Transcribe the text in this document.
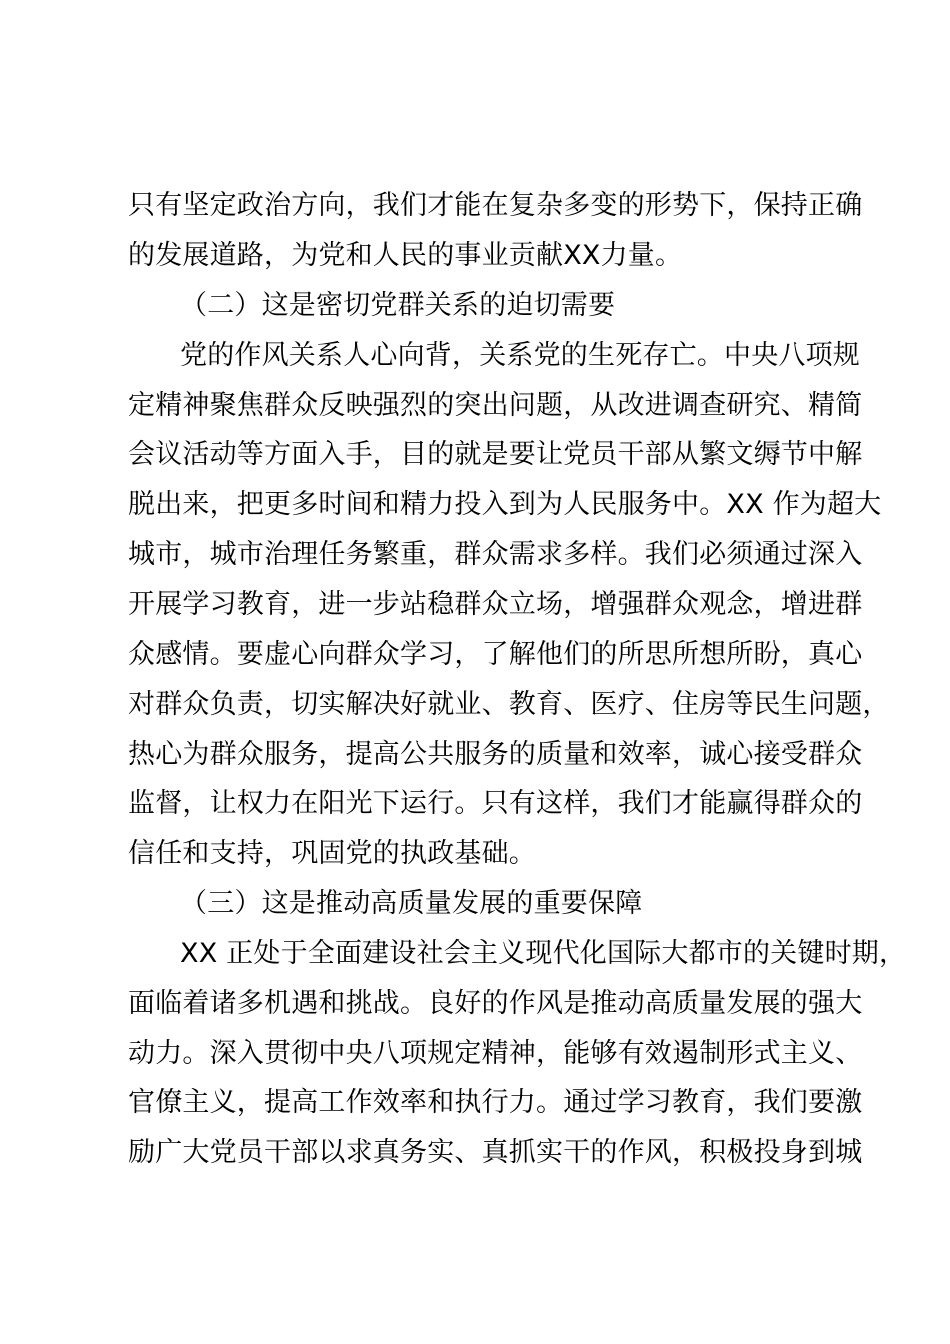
只有坚定政治方向，我们才能在复杂多变的形势下，保持正确
的发展道路，为党和人民的事业贡献XX力量。
（二）这是密切党群关系的迫切需要
党的作风关系人心向背，关系党的生死存亡。中央八项规
定精神聚焦群众反映强烈的突出问题，从改进调查研究、精简
会议活动等方面入手，目的就是要让党员干部从繁文缛节中解
脱出来，把更多时间和精力投入到为人民服务中。XX 作为超大
城市，城市治理任务繁重，群众需求多样。我们必须通过深入
开展学习教育，进一步站稳群众立场，增强群众观念，增进群
众感情。要虚心向群众学习，了解他们的所思所想所盼，真心
对群众负责，切实解决好就业、教育、医疗、住房等民生问题，
热心为群众服务，提高公共服务的质量和效率，诚心接受群众
监督，让权力在阳光下运行。只有这样，我们才能赢得群众的
信任和支持，巩固党的执政基础。
（三）这是推动高质量发展的重要保障
XX 正处于全面建设社会主义现代化国际大都市的关键时期，
面临着诸多机遇和挑战。良好的作风是推动高质量发展的强大
动力。深入贯彻中央八项规定精神，能够有效遏制形式主义、
官僚主义，提高工作效率和执行力。通过学习教育，我们要激
励广大党员干部以求真务实、真抓实干的作风，积极投身到城
